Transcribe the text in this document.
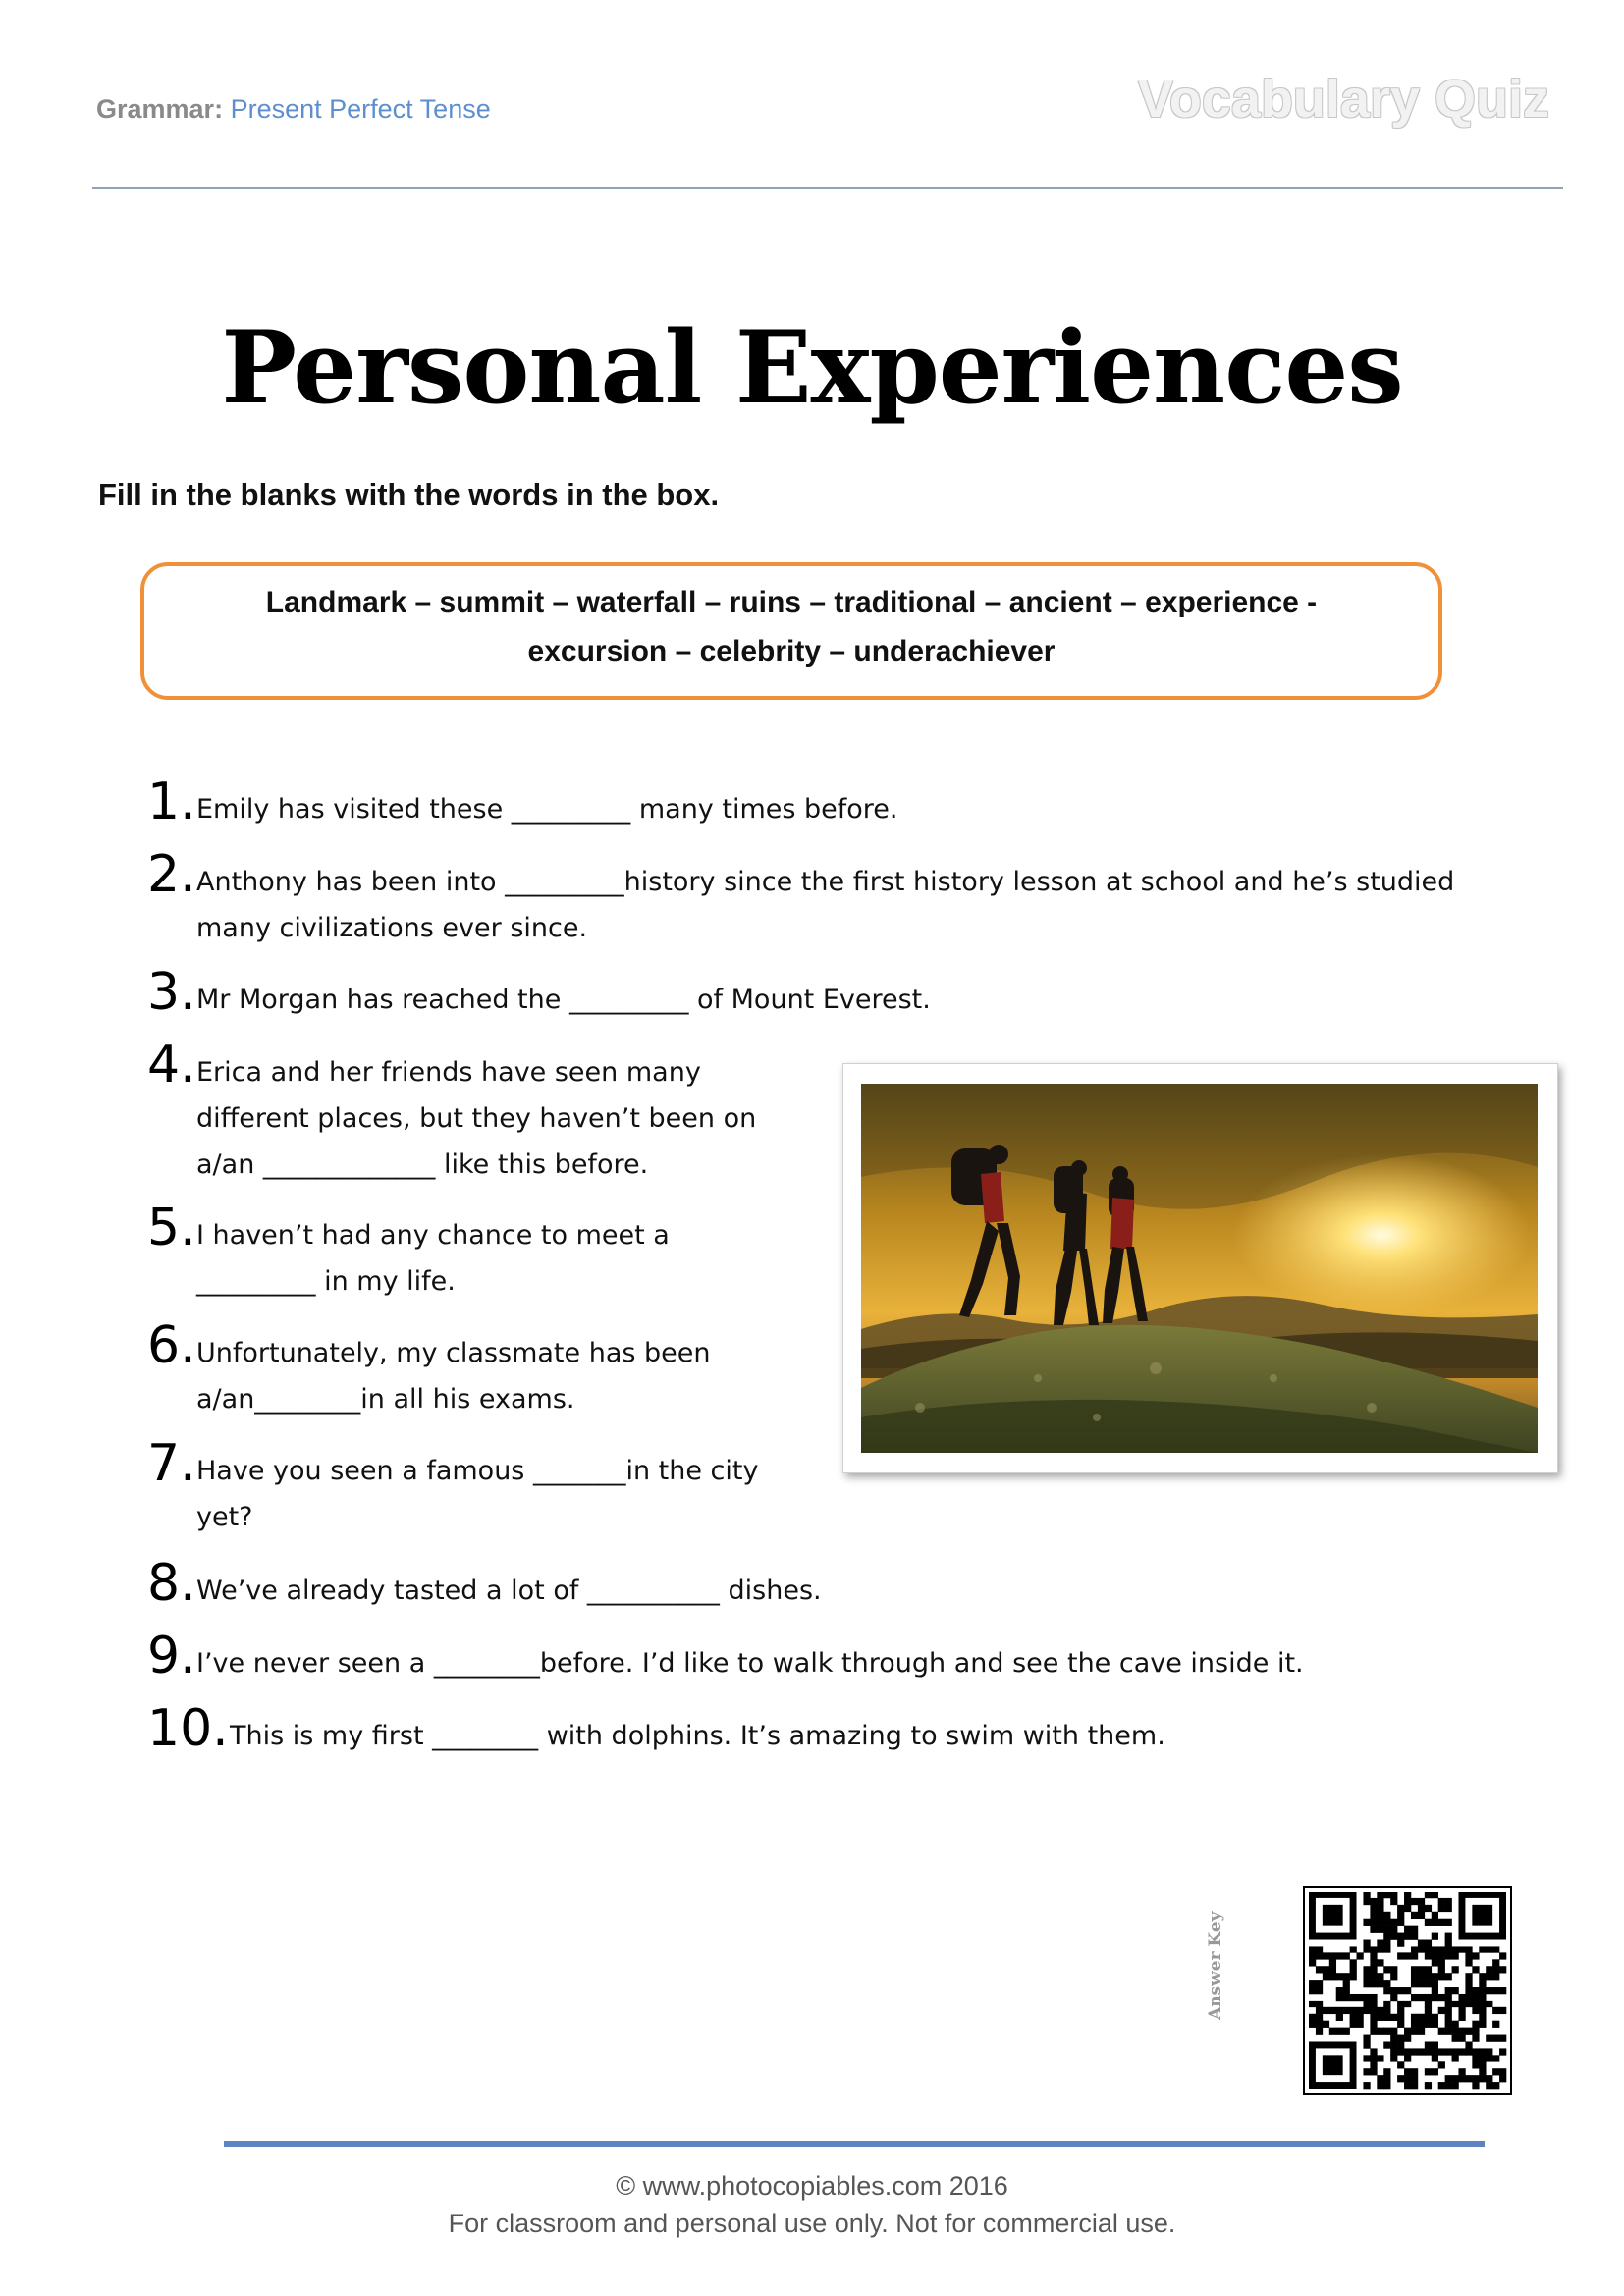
Grammar: Present Perfect Tense	Vocabulary Quiz
Personal Experiences
Fill in the blanks with the words in the box.
Landmark – summit – waterfall – ruins – traditional – ancient – experience -
excursion – celebrity – underachiever
1. Emily has visited these _________ many times before.
2. Anthony has been into _________history since the first history lesson at school and he’s studied
many civilizations ever since.
3. Mr Morgan has reached the _________ of Mount Everest.
4. Erica and her friends have seen many
different places, but they haven’t been on
a/an _____________ like this before.
5. I haven’t had any chance to meet a
_________ in my life.
6. Unfortunately, my classmate has been
a/an________in all his exams.
7. Have you seen a famous _______in the city
yet?
8. We’ve already tasted a lot of __________ dishes.
9. I’ve never seen a ________before. I’d like to walk through and see the cave inside it.
10. This is my first ________ with dolphins. It’s amazing to swim with them.
Answer Key
© www.photocopiables.com 2016
For classroom and personal use only. Not for commercial use.
